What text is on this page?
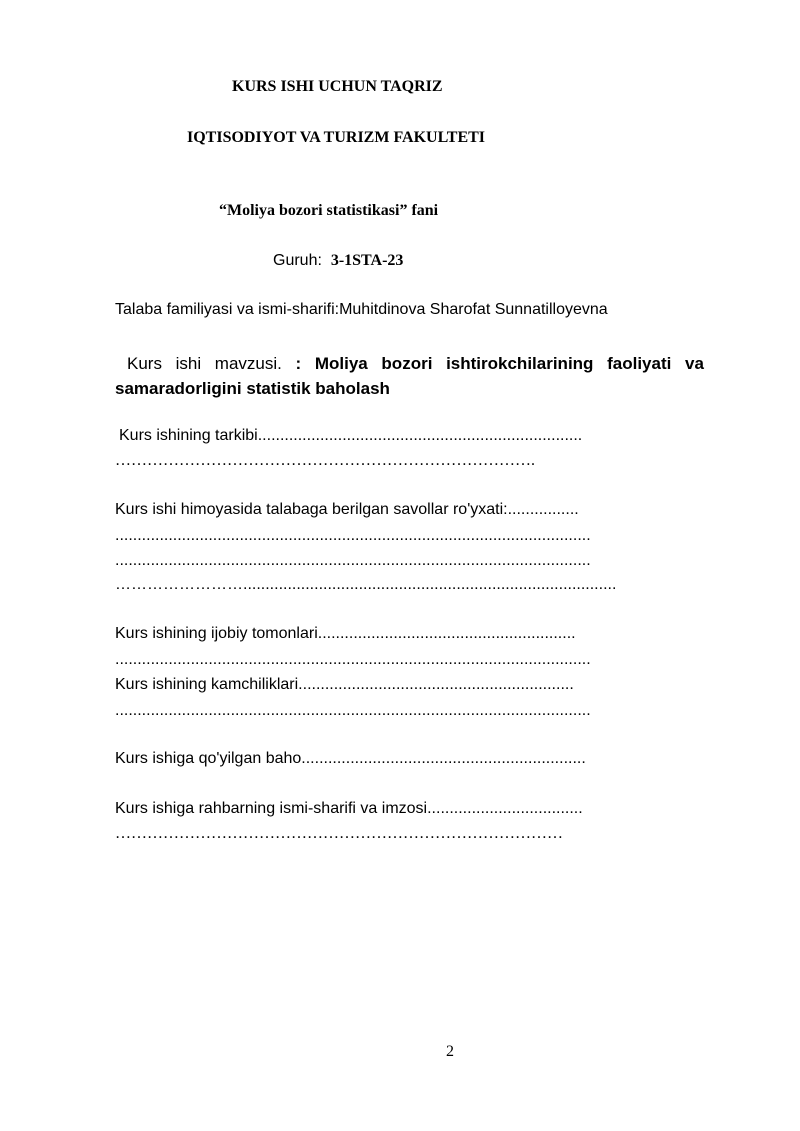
KURS ISHI UCHUN TAQRIZ
IQTISODIYOT VA TURIZM FAKULTETI
“Moliya bozori statistikasi” fani
Guruh:  3-1STA-23
Talaba familiyasi va ismi-sharifi:Muhitdinova Sharofat Sunnatilloyevna
Kurs ishi mavzusi. : Moliya bozori ishtirokchilarining faoliyati va
samaradorligini statistik baholash
Kurs ishining tarkibi.........................................................................
…………………………………………………………………….
Kurs ishi himoyasida talabaga berilgan savollar ro'yxati:................
...........................................................................................................
...........................................................................................................
……………………....................................................................................
Kurs ishining ijobiy tomonlari..........................................................
...........................................................................................................
Kurs ishining kamchiliklari..............................................................
...........................................................................................................
Kurs ishiga qo'yilgan baho................................................................
Kurs ishiga rahbarning ismi-sharifi va imzosi...................................
…………………………………………………………………………
2
